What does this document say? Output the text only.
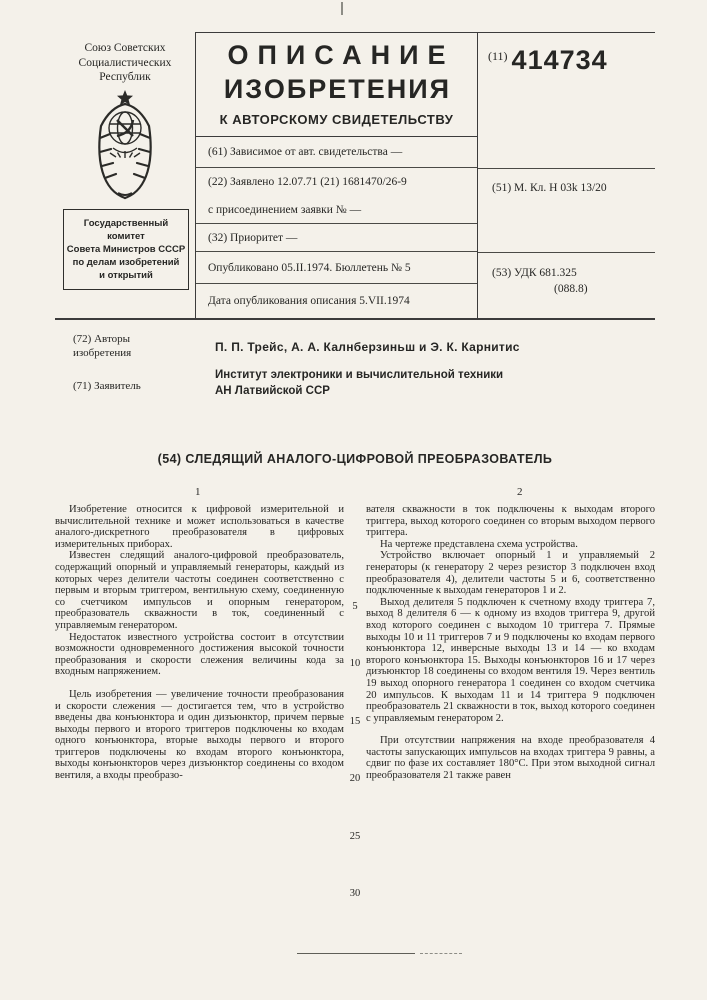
Союз Советских
Социалистических
Республик
Государственный комитет
Совета Министров СССР
по делам изобретений
и открытий
ОПИСАНИЕ
ИЗОБРЕТЕНИЯ
К АВТОРСКОМУ СВИДЕТЕЛЬСТВУ
(61) Зависимое от авт. свидетельства —
(22) Заявлено 12.07.71 (21) 1681470/26-9
с присоединением заявки № —
(32) Приоритет —
Опубликовано 05.II.1974. Бюллетень № 5
Дата опубликования описания 5.VII.1974
$^{(11)}$ 414734
(51) М. Кл. Н 03k 13/20
(53) УДК 681.325
(088.8)
(72) Авторы
изобретения	П. П. Трейс, А. А. Калнберзиньш и Э. К. Карнитис
(71) Заявитель
Институт электроники и вычислительной техники
АН Латвийской ССР
(54) СЛЕДЯЩИЙ АНАЛОГО-ЦИФРОВОЙ ПРЕОБРАЗОВАТЕЛЬ
1	2

Изобретение относится к цифровой измерительной и вычислительной технике и может использоваться в качестве аналого-дискретного преобразователя в цифровых измерительных приборах.

Известен следящий аналого-цифровой преобразователь, содержащий опорный и управляемый генераторы, каждый из которых через делители частоты соединен соответственно с первым и вторым триггером, вентильную схему, соединенную со счетчиком импульсов и опорным генератором, преобразователь скважности в ток, соединенный с управляемым генератором.

Недостаток известного устройства состоит в отсутствии возможности одновременного достижения высокой точности преобразования и скорости слежения величины кода за входным напряжением.

Цель изобретения — увеличение точности преобразования и скорости слежения — достигается тем, что в устройство введены два конъюнктора и один дизъюнктор, причем первые выходы первого и второго триггеров подключены ко входам одного конъюнктора, вторые выходы первого и второго триггеров подключены ко входам второго конъюнктора, выходы конъюнкторов через дизъюнктор соединены со входом вентиля, а входы преобразо-

вателя скважности в ток подключены к выходам второго триггера, выход которого соединен со вторым выходом первого триггера.

На чертеже представлена схема устройства.

Устройство включает опорный 1 и управляемый 2 генераторы (к генератору 2 через резистор 3 подключен вход преобразователя 4), делители частоты 5 и 6, соответственно подключенные к выходам генераторов 1 и 2.

Выход делителя 5 подключен к счетному входу триггера 7, выход 8 делителя 6 — к одному из входов триггера 9, другой вход которого соединен с выходом 10 триггера 7. Прямые выходы 10 и 11 триггеров 7 и 9 подключены ко входам первого конъюнктора 12, инверсные выходы 13 и 14 — ко входам второго конъюнктора 15. Выходы конъюнкторов 16 и 17 через дизъюнктор 18 соединены со входом вентиля 19. Через вентиль 19 выход опорного генератора 1 соединен со входом счетчика 20 импульсов. К выходам 11 и 14 триггера 9 подключен преобразователь 21 скважности в ток, выход которого соединен с управляемым генератором 2.

При отсутствии напряжения на входе преобразователя 4 частоты запускающих импульсов на входах триггера 9 равны, а сдвиг по фазе их составляет 180°С. При этом выходной сигнал преобразователя 21 также равен

5
10
15
20
25
30
